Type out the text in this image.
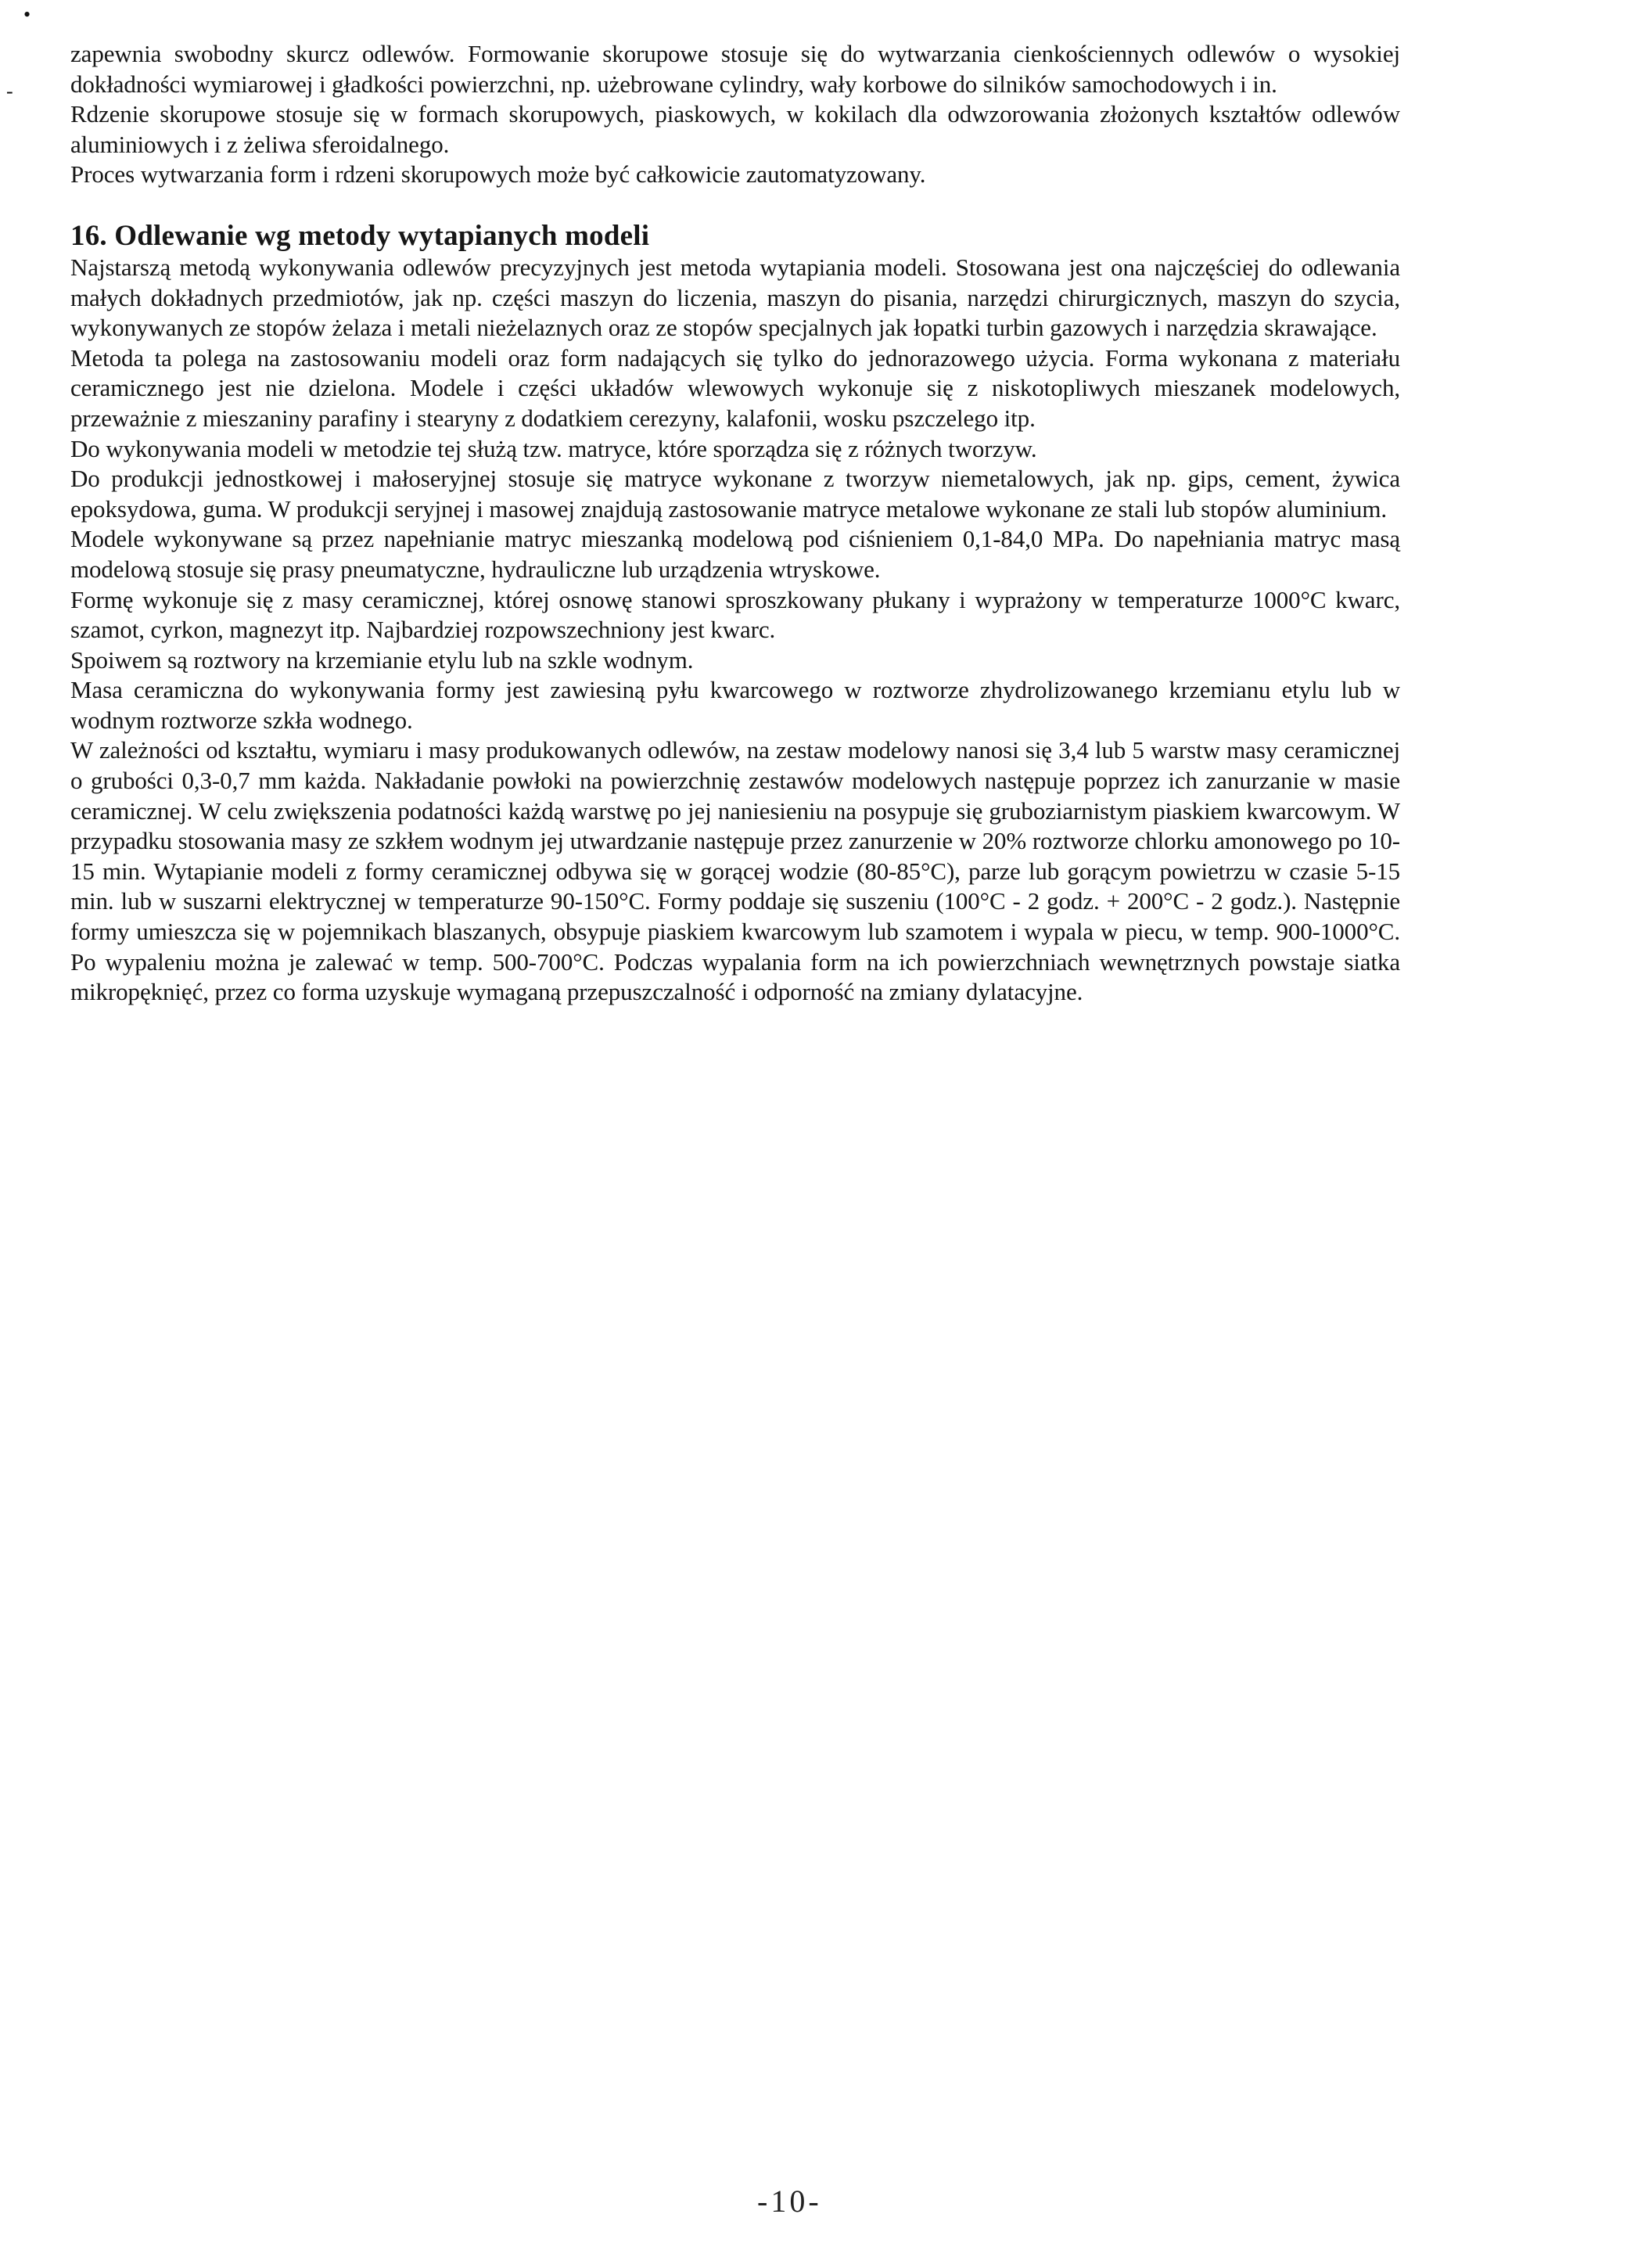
•
-

zapewnia swobodny skurcz odlewów. Formowanie skorupowe stosuje się do wytwarzania cienkościennych odlewów o wysokiej dokładności wymiarowej i gładkości powierzchni, np. użebrowane cylindry, wały korbowe do silników samochodowych i in.

Rdzenie skorupowe stosuje się w formach skorupowych, piaskowych, w kokilach dla odwzorowania złożonych kształtów odlewów aluminiowych i z żeliwa sferoidalnego.

Proces wytwarzania form i rdzeni skorupowych może być całkowicie zautomatyzowany.

16. Odlewanie wg metody wytapianych modeli

Najstarszą metodą wykonywania odlewów precyzyjnych jest metoda wytapiania modeli. Stosowana jest ona najczęściej do odlewania małych dokładnych przedmiotów, jak np. części maszyn do liczenia, maszyn do pisania, narzędzi chirurgicznych, maszyn do szycia, wykonywanych ze stopów żelaza i metali nieżelaznych oraz ze stopów specjalnych jak łopatki turbin gazowych i narzędzia skrawające.

Metoda ta polega na zastosowaniu modeli oraz form nadających się tylko do jednorazowego użycia. Forma wykonana z materiału ceramicznego jest nie dzielona. Modele i części układów wlewowych wykonuje się z niskotopliwych mieszanek modelowych, przeważnie z mieszaniny parafiny i stearyny z dodatkiem cerezyny, kalafonii, wosku pszczelego itp.

Do wykonywania modeli w metodzie tej służą tzw. matryce, które sporządza się z różnych tworzyw.

Do produkcji jednostkowej i małoseryjnej stosuje się matryce wykonane z tworzyw niemetalowych, jak np. gips, cement, żywica epoksydowa, guma. W produkcji seryjnej i masowej znajdują zastosowanie matryce metalowe wykonane ze stali lub stopów aluminium.

Modele wykonywane są przez napełnianie matryc mieszanką modelową pod ciśnieniem 0,1-84,0 MPa. Do napełniania matryc masą modelową stosuje się prasy pneumatyczne, hydrauliczne lub urządzenia wtryskowe.

Formę wykonuje się z masy ceramicznej, której osnowę stanowi sproszkowany płukany i wyprażony w temperaturze 1000°C kwarc, szamot, cyrkon, magnezyt itp. Najbardziej rozpowszechniony jest kwarc.

Spoiwem są roztwory na krzemianie etylu lub na szkle wodnym.

Masa ceramiczna do wykonywania formy jest zawiesiną pyłu kwarcowego w roztworze zhydrolizowanego krzemianu etylu lub w wodnym roztworze szkła wodnego.

W zależności od kształtu, wymiaru i masy produkowanych odlewów, na zestaw modelowy nanosi się 3,4 lub 5 warstw masy ceramicznej o grubości 0,3-0,7 mm każda. Nakładanie powłoki na powierzchnię zestawów modelowych następuje poprzez ich zanurzanie w masie ceramicznej. W celu zwiększenia podatności każdą warstwę po jej naniesieniu na posypuje się gruboziarnistym piaskiem kwarcowym. W przypadku stosowania masy ze szkłem wodnym jej utwardzanie następuje przez zanurzenie w 20% roztworze chlorku amonowego po 10-15 min. Wytapianie modeli z formy ceramicznej odbywa się w gorącej wodzie (80-85°C), parze lub gorącym powietrzu w czasie 5-15 min. lub w suszarni elektrycznej w temperaturze 90-150°C. Formy poddaje się suszeniu (100°C - 2 godz. + 200°C - 2 godz.). Następnie formy umieszcza się w pojemnikach blaszanych, obsypuje piaskiem kwarcowym lub szamotem i wypala w piecu, w temp. 900-1000°C. Po wypaleniu można je zalewać w temp. 500-700°C. Podczas wypalania form na ich powierzchniach wewnętrznych powstaje siatka mikropęknięć, przez co forma uzyskuje wymaganą przepuszczalność i odporność na zmiany dylatacyjne.

-10-
